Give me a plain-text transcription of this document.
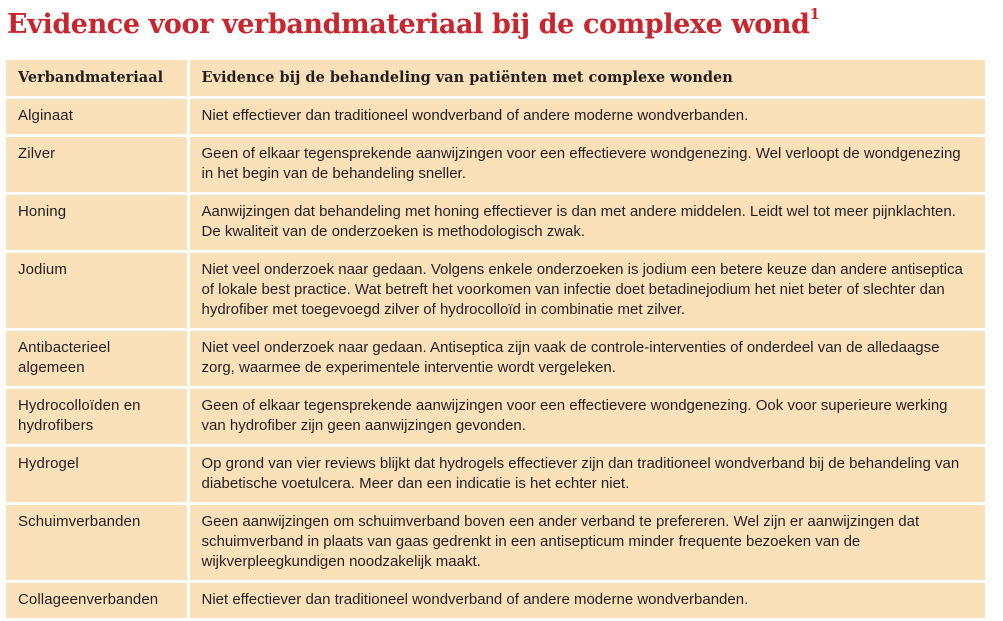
Evidence voor verbandmateriaal bij de complexe wond$^1$
Verbandmateriaal	Evidence bij de behandeling van patiënten met complexe wonden
Alginaat	Niet effectiever dan traditioneel wondverband of andere moderne wondverbanden.
Zilver	Geen of elkaar tegensprekende aanwijzingen voor een effectievere wondgenezing. Wel verloopt de wondgenezing in het begin van de behandeling sneller.
Honing	Aanwijzingen dat behandeling met honing effectiever is dan met andere middelen. Leidt wel tot meer pijnklachten. De kwaliteit van de onderzoeken is methodologisch zwak.
Jodium	Niet veel onderzoek naar gedaan. Volgens enkele onderzoeken is jodium een betere keuze dan andere antiseptica of lokale best practice. Wat betreft het voorkomen van infectie doet betadinejodium het niet beter of slechter dan hydrofiber met toegevoegd zilver of hydrocolloïd in combinatie met zilver.
Antibacterieel algemeen	Niet veel onderzoek naar gedaan. Antiseptica zijn vaak de controle-interventies of onderdeel van de alledaagse zorg, waarmee de experimentele interventie wordt vergeleken.
Hydrocolloïden en hydrofibers	Geen of elkaar tegensprekende aanwijzingen voor een effectievere wondgenezing. Ook voor superieure werking van hydrofiber zijn geen aanwijzingen gevonden.
Hydrogel	Op grond van vier reviews blijkt dat hydrogels effectiever zijn dan traditioneel wondverband bij de behandeling van diabetische voetulcera. Meer dan een indicatie is het echter niet.
Schuimverbanden	Geen aanwijzingen om schuimverband boven een ander verband te prefereren. Wel zijn er aanwijzingen dat schuimverband in plaats van gaas gedrenkt in een antisepticum minder frequente bezoeken van de wijkverpleegkundigen noodzakelijk maakt.
Collageenverbanden	Niet effectiever dan traditioneel wondverband of andere moderne wondverbanden.
